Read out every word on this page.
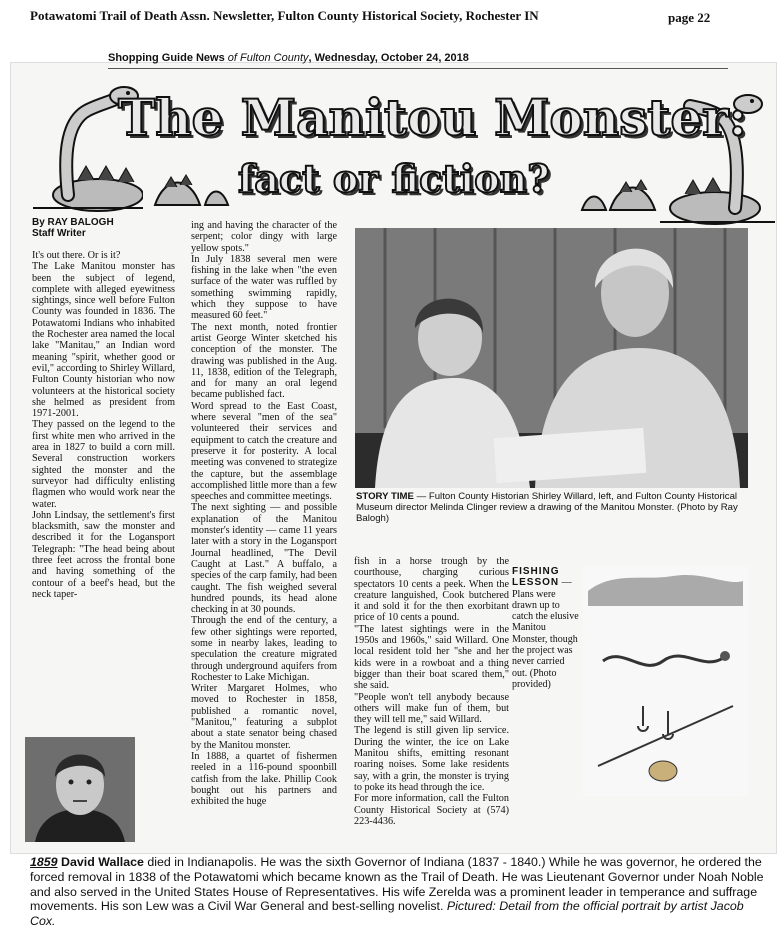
Potawatomi Trail of Death Assn. Newsletter, Fulton County Historical Society, Rochester IN	page 22
Shopping Guide News of Fulton County, Wednesday, October 24, 2018
The Manitou Monster:
fact or fiction?
By RAY BALOGH
Staff Writer
It's out there. Or is it?
The Lake Manitou monster has been the subject of legend, complete with alleged eyewitness sightings, since well before Fulton County was founded in 1836. The Potawatomi Indians who inhabited the Rochester area named the local lake "Manitau," an Indian word meaning "spirit, whether good or evil," according to Shirley Willard, Fulton County historian who now volunteers at the historical society she helmed as president from 1971-2001.
They passed on the legend to the first white men who arrived in the area in 1827 to build a corn mill. Several construction workers sighted the monster and the surveyor had difficulty enlisting flagmen who would work near the water.
John Lindsay, the settlement's first blacksmith, saw the monster and described it for the Logansport Telegraph: "The head being about three feet across the frontal bone and having something of the contour of a beef's head, but the neck taper-
ing and having the character of the serpent; color dingy with large yellow spots."
In July 1838 several men were fishing in the lake when "the even surface of the water was ruffled by something swimming rapidly, which they suppose to have measured 60 feet."
The next month, noted frontier artist George Winter sketched his conception of the monster. The drawing was published in the Aug. 11, 1838, edition of the Telegraph, and for many an oral legend became published fact.
Word spread to the East Coast, where several "men of the sea" volunteered their services and equipment to catch the creature and preserve it for posterity. A local meeting was convened to strategize the capture, but the assemblage accomplished little more than a few speeches and committee meetings.
The next sighting — and possible explanation of the Manitou monster's identity — came 11 years later with a story in the Logansport Journal headlined, "The Devil Caught at Last." A buffalo, a species of the carp family, had been caught. The fish weighed several hundred pounds, its head alone checking in at 30 pounds.
Through the end of the century, a few other sightings were reported, some in nearby lakes, leading to speculation the creature migrated through underground aquifers from Rochester to Lake Michigan.
Writer Margaret Holmes, who moved to Rochester in 1858, published a romantic novel, "Manitou," featuring a subplot about a state senator being chased by the Manitou monster.
In 1888, a quartet of fishermen reeled in a 116-pound spoonbill catfish from the lake. Phillip Cook bought out his partners and exhibited the huge
STORY TIME — Fulton County Historian Shirley Willard, left, and Fulton County Historical Museum director Melinda Clinger review a drawing of the Manitou Monster. (Photo by Ray Balogh)
fish in a horse trough by the courthouse, charging curious spectators 10 cents a peek. When the creature languished, Cook butchered it and sold it for the then exorbitant price of 10 cents a pound.
"The latest sightings were in the 1950s and 1960s," said Willard. One local resident told her "she and her kids were in a rowboat and a thing bigger than their boat scared them," she said.
"People won't tell anybody because others will make fun of them, but they will tell me," said Willard.
The legend is still given lip service. During the winter, the ice on Lake Manitou shifts, emitting resonant roaring noises. Some lake residents say, with a grin, the monster is trying to poke its head through the ice.
For more information, call the Fulton County Historical Society at (574) 223-4436.
FISHING LESSON — Plans were drawn up to catch the elusive Manitou Monster, though the project was never carried out. (Photo provided)
1859 David Wallace died in Indianapolis. He was the sixth Governor of Indiana (1837 - 1840.) While he was governor, he ordered the forced removal in 1838 of the Potawatomi which became known as the Trail of Death. He was Lieutenant Governor under Noah Noble and also served in the United States House of Representatives. His wife Zerelda was a prominent leader in temperance and suffrage movements. His son Lew was a Civil War General and best-selling novelist. Pictured: Detail from the official portrait by artist Jacob Cox.
